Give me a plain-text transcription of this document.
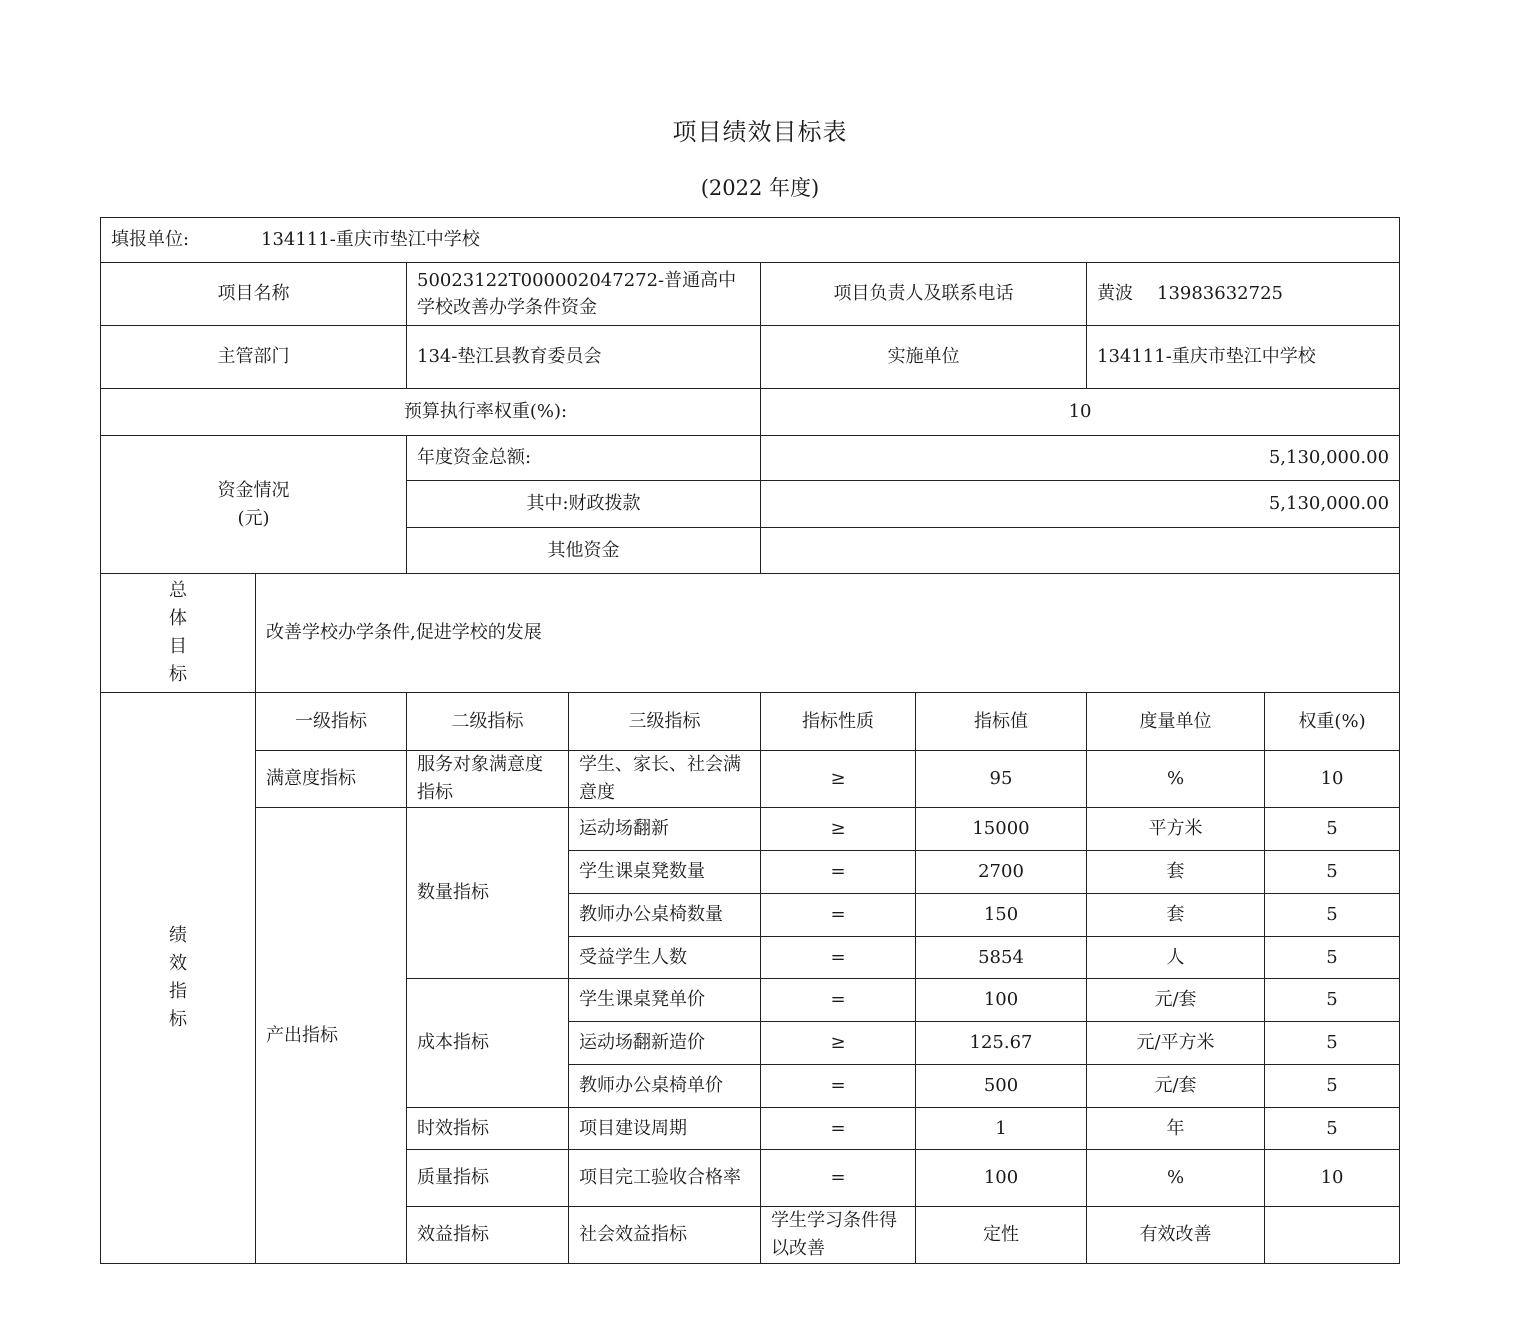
项目绩效目标表
(2022 年度)
填报单位: 134111-重庆市垫江中学校								
项目名称		50023122T000002047272-普通高中学校改善办学条件资金		项目负责人及联系电话		黄波 13983632725		
主管部门		134-垫江县教育委员会		实施单位		134111-重庆市垫江中学校		
预算执行率权重(%):				10				

资金情况
(元)		年度资金总额:		5,130,000.00				
		其中:财政拨款		5,130,000.00				
		其他资金						

总
体
目
标	改善学校办学条件,促进学校的发展							

绩
效
指
标	一级指标	二级指标	三级指标	指标性质	指标值	度量单位	权重(%)	
	满意度指标	服务对象满意度指标	学生、家长、社会满意度	≥	95	%	10	
	产出指标	数量指标	运动场翻新	≥	15000	平方米	5	
			学生课桌凳数量	=	2700	套	5	
			教师办公桌椅数量	=	150	套	5	
			受益学生人数	=	5854	人	5	
		成本指标	学生课桌凳单价	=	100	元/套	5	
			运动场翻新造价	≥	125.67	元/平方米	5	
			教师办公桌椅单价	=	500	元/套	5	
		时效指标	项目建设周期	=	1	年	5	
		质量指标	项目完工验收合格率	=	100	%	10	
		效益指标	社会效益指标	学生学习条件得以改善	定性	有效改善		
